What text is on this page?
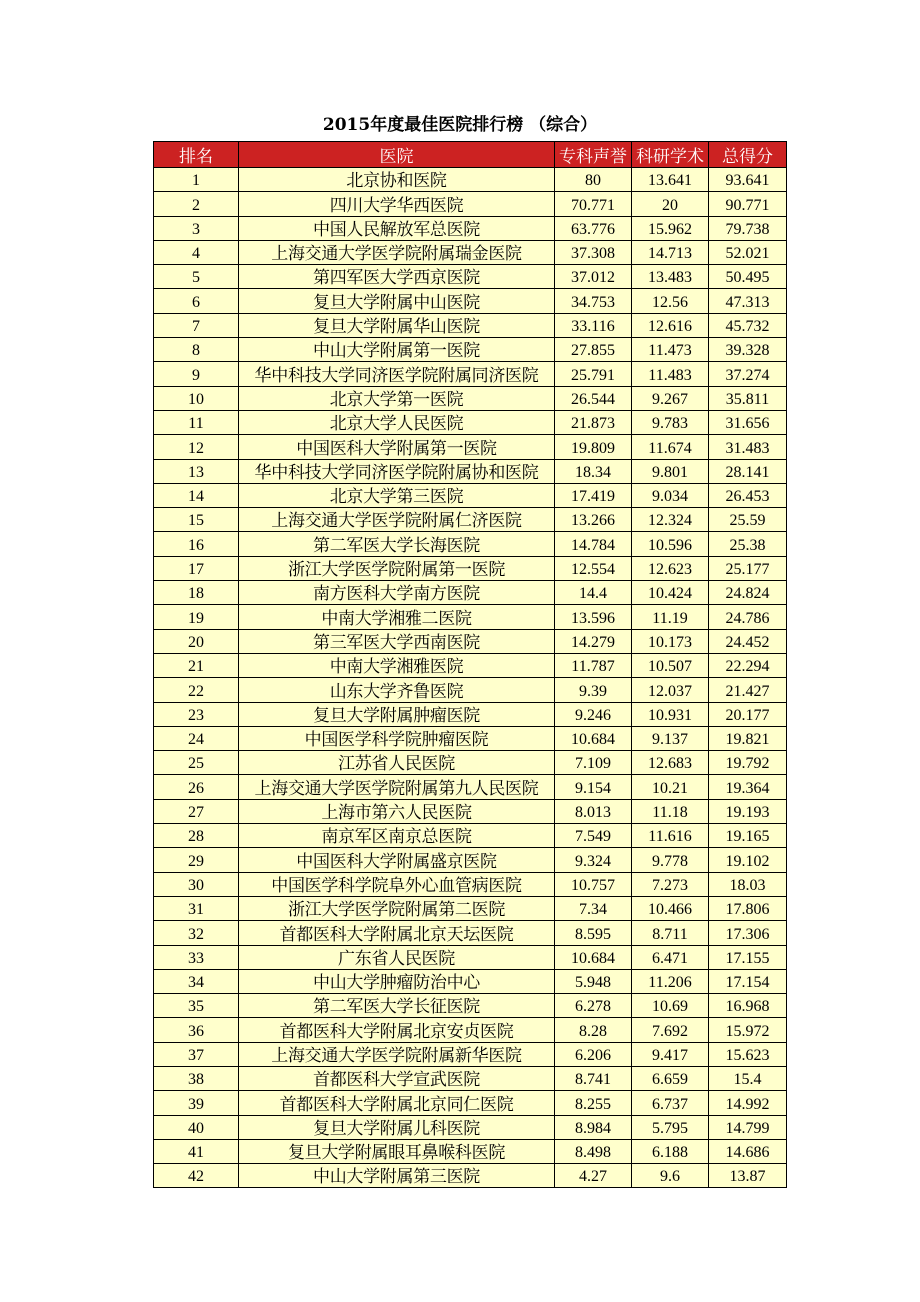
2015年度最佳医院排行榜 （综合）
排名	医院	专科声誉	科研学术	总得分
1	北京协和医院	80	13.641	93.641
2	四川大学华西医院	70.771	20	90.771
3	中国人民解放军总医院	63.776	15.962	79.738
4	上海交通大学医学院附属瑞金医院	37.308	14.713	52.021
5	第四军医大学西京医院	37.012	13.483	50.495
6	复旦大学附属中山医院	34.753	12.56	47.313
7	复旦大学附属华山医院	33.116	12.616	45.732
8	中山大学附属第一医院	27.855	11.473	39.328
9	华中科技大学同济医学院附属同济医院	25.791	11.483	37.274
10	北京大学第一医院	26.544	9.267	35.811
11	北京大学人民医院	21.873	9.783	31.656
12	中国医科大学附属第一医院	19.809	11.674	31.483
13	华中科技大学同济医学院附属协和医院	18.34	9.801	28.141
14	北京大学第三医院	17.419	9.034	26.453
15	上海交通大学医学院附属仁济医院	13.266	12.324	25.59
16	第二军医大学长海医院	14.784	10.596	25.38
17	浙江大学医学院附属第一医院	12.554	12.623	25.177
18	南方医科大学南方医院	14.4	10.424	24.824
19	中南大学湘雅二医院	13.596	11.19	24.786
20	第三军医大学西南医院	14.279	10.173	24.452
21	中南大学湘雅医院	11.787	10.507	22.294
22	山东大学齐鲁医院	9.39	12.037	21.427
23	复旦大学附属肿瘤医院	9.246	10.931	20.177
24	中国医学科学院肿瘤医院	10.684	9.137	19.821
25	江苏省人民医院	7.109	12.683	19.792
26	上海交通大学医学院附属第九人民医院	9.154	10.21	19.364
27	上海市第六人民医院	8.013	11.18	19.193
28	南京军区南京总医院	7.549	11.616	19.165
29	中国医科大学附属盛京医院	9.324	9.778	19.102
30	中国医学科学院阜外心血管病医院	10.757	7.273	18.03
31	浙江大学医学院附属第二医院	7.34	10.466	17.806
32	首都医科大学附属北京天坛医院	8.595	8.711	17.306
33	广东省人民医院	10.684	6.471	17.155
34	中山大学肿瘤防治中心	5.948	11.206	17.154
35	第二军医大学长征医院	6.278	10.69	16.968
36	首都医科大学附属北京安贞医院	8.28	7.692	15.972
37	上海交通大学医学院附属新华医院	6.206	9.417	15.623
38	首都医科大学宣武医院	8.741	6.659	15.4
39	首都医科大学附属北京同仁医院	8.255	6.737	14.992
40	复旦大学附属儿科医院	8.984	5.795	14.799
41	复旦大学附属眼耳鼻喉科医院	8.498	6.188	14.686
42	中山大学附属第三医院	4.27	9.6	13.87
